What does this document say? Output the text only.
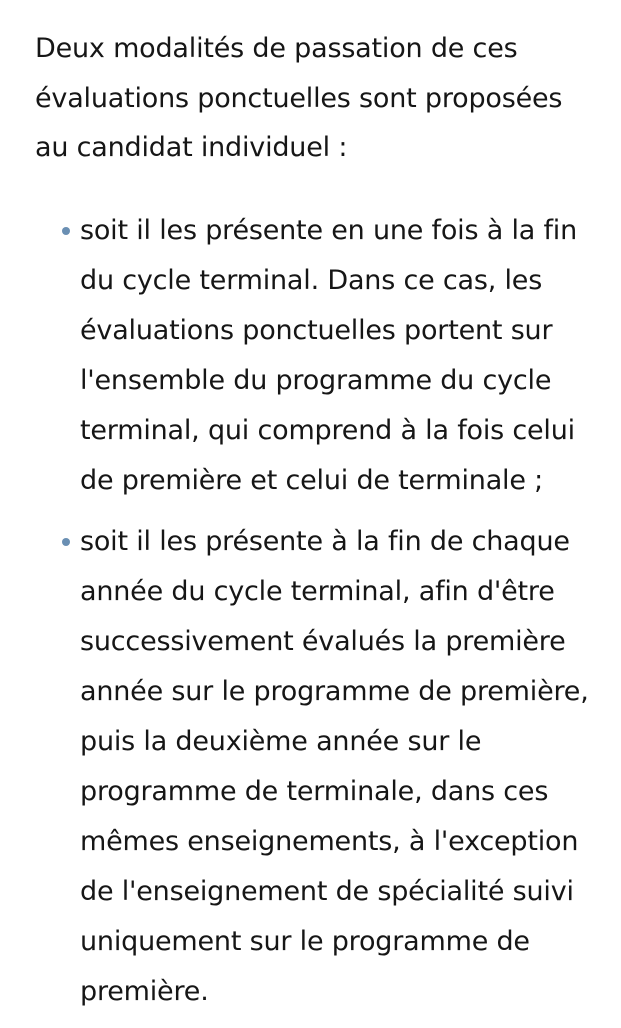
Deux modalités de passation de ces évaluations ponctuelles sont proposées au candidat individuel :

soit il les présente en une fois à la fin du cycle terminal. Dans ce cas, les évaluations ponctuelles portent sur l'ensemble du programme du cycle terminal, qui comprend à la fois celui de première et celui de terminale ;
soit il les présente à la fin de chaque année du cycle terminal, afin d'être successivement évalués la première année sur le programme de première, puis la deuxième année sur le programme de terminale, dans ces mêmes enseignements, à l'exception de l'enseignement de spécialité suivi uniquement sur le programme de première.
